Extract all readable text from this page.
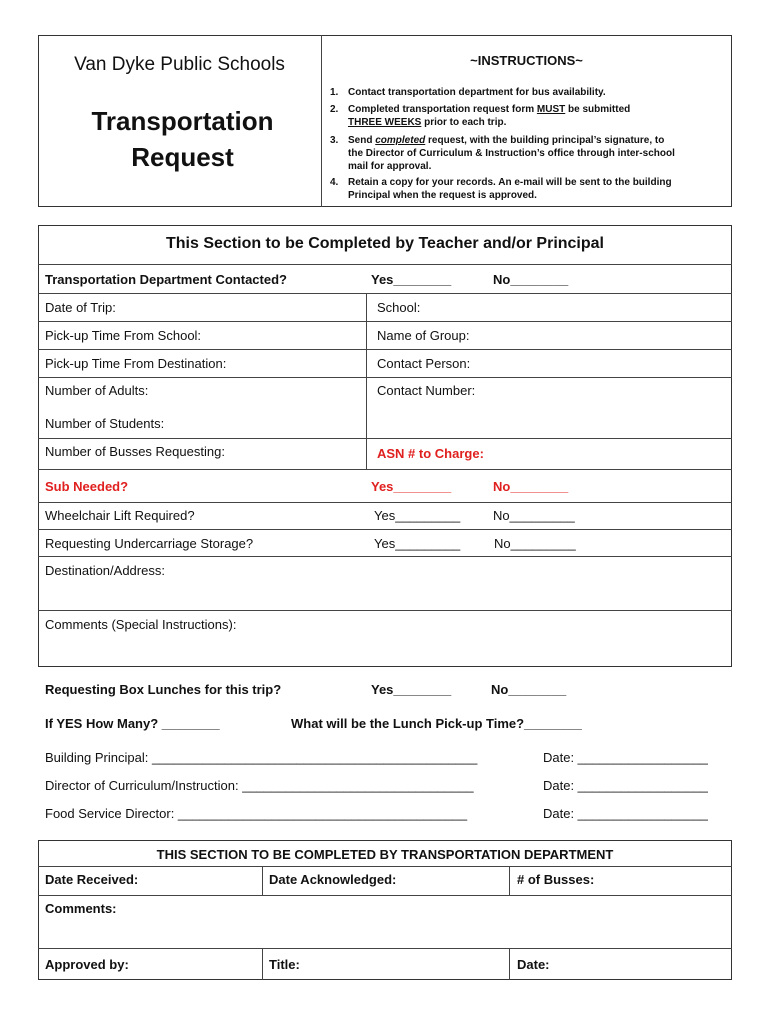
Van Dyke Public Schools
Transportation
Request
~INSTRUCTIONS~
1. Contact transportation department for bus availability.
2. Completed transportation request form MUST be submitted
THREE WEEKS prior to each trip.
3. Send completed request, with the building principal’s signature, to
the Director of Curriculum & Instruction’s office through inter-school
mail for approval.
4. Retain a copy for your records. An e-mail will be sent to the building
Principal when the request is approved.
This Section to be Completed by Teacher and/or Principal
Transportation Department Contacted?	Yes________	No________
Date of Trip:	School:
Pick-up Time From School:	Name of Group:
Pick-up Time From Destination:	Contact Person:
Number of Adults:	Contact Number:
Number of Students:
Number of Busses Requesting:	ASN # to Charge:
Sub Needed?	Yes________	No________
Wheelchair Lift Required?	Yes_________	No_________
Requesting Undercarriage Storage?	Yes_________	No_________
Destination/Address:
Comments (Special Instructions):
Requesting Box Lunches for this trip?	Yes________	No________
If YES How Many? ________	What will be the Lunch Pick-up Time?________
Building Principal: _____________________________________________	Date: __________________
Director of Curriculum/Instruction: ________________________________	Date: __________________
Food Service Director: ________________________________________	Date: __________________
THIS SECTION TO BE COMPLETED BY TRANSPORTATION DEPARTMENT
Date Received:	Date Acknowledged:	# of Busses:
Comments:
Approved by:	Title:	Date:
